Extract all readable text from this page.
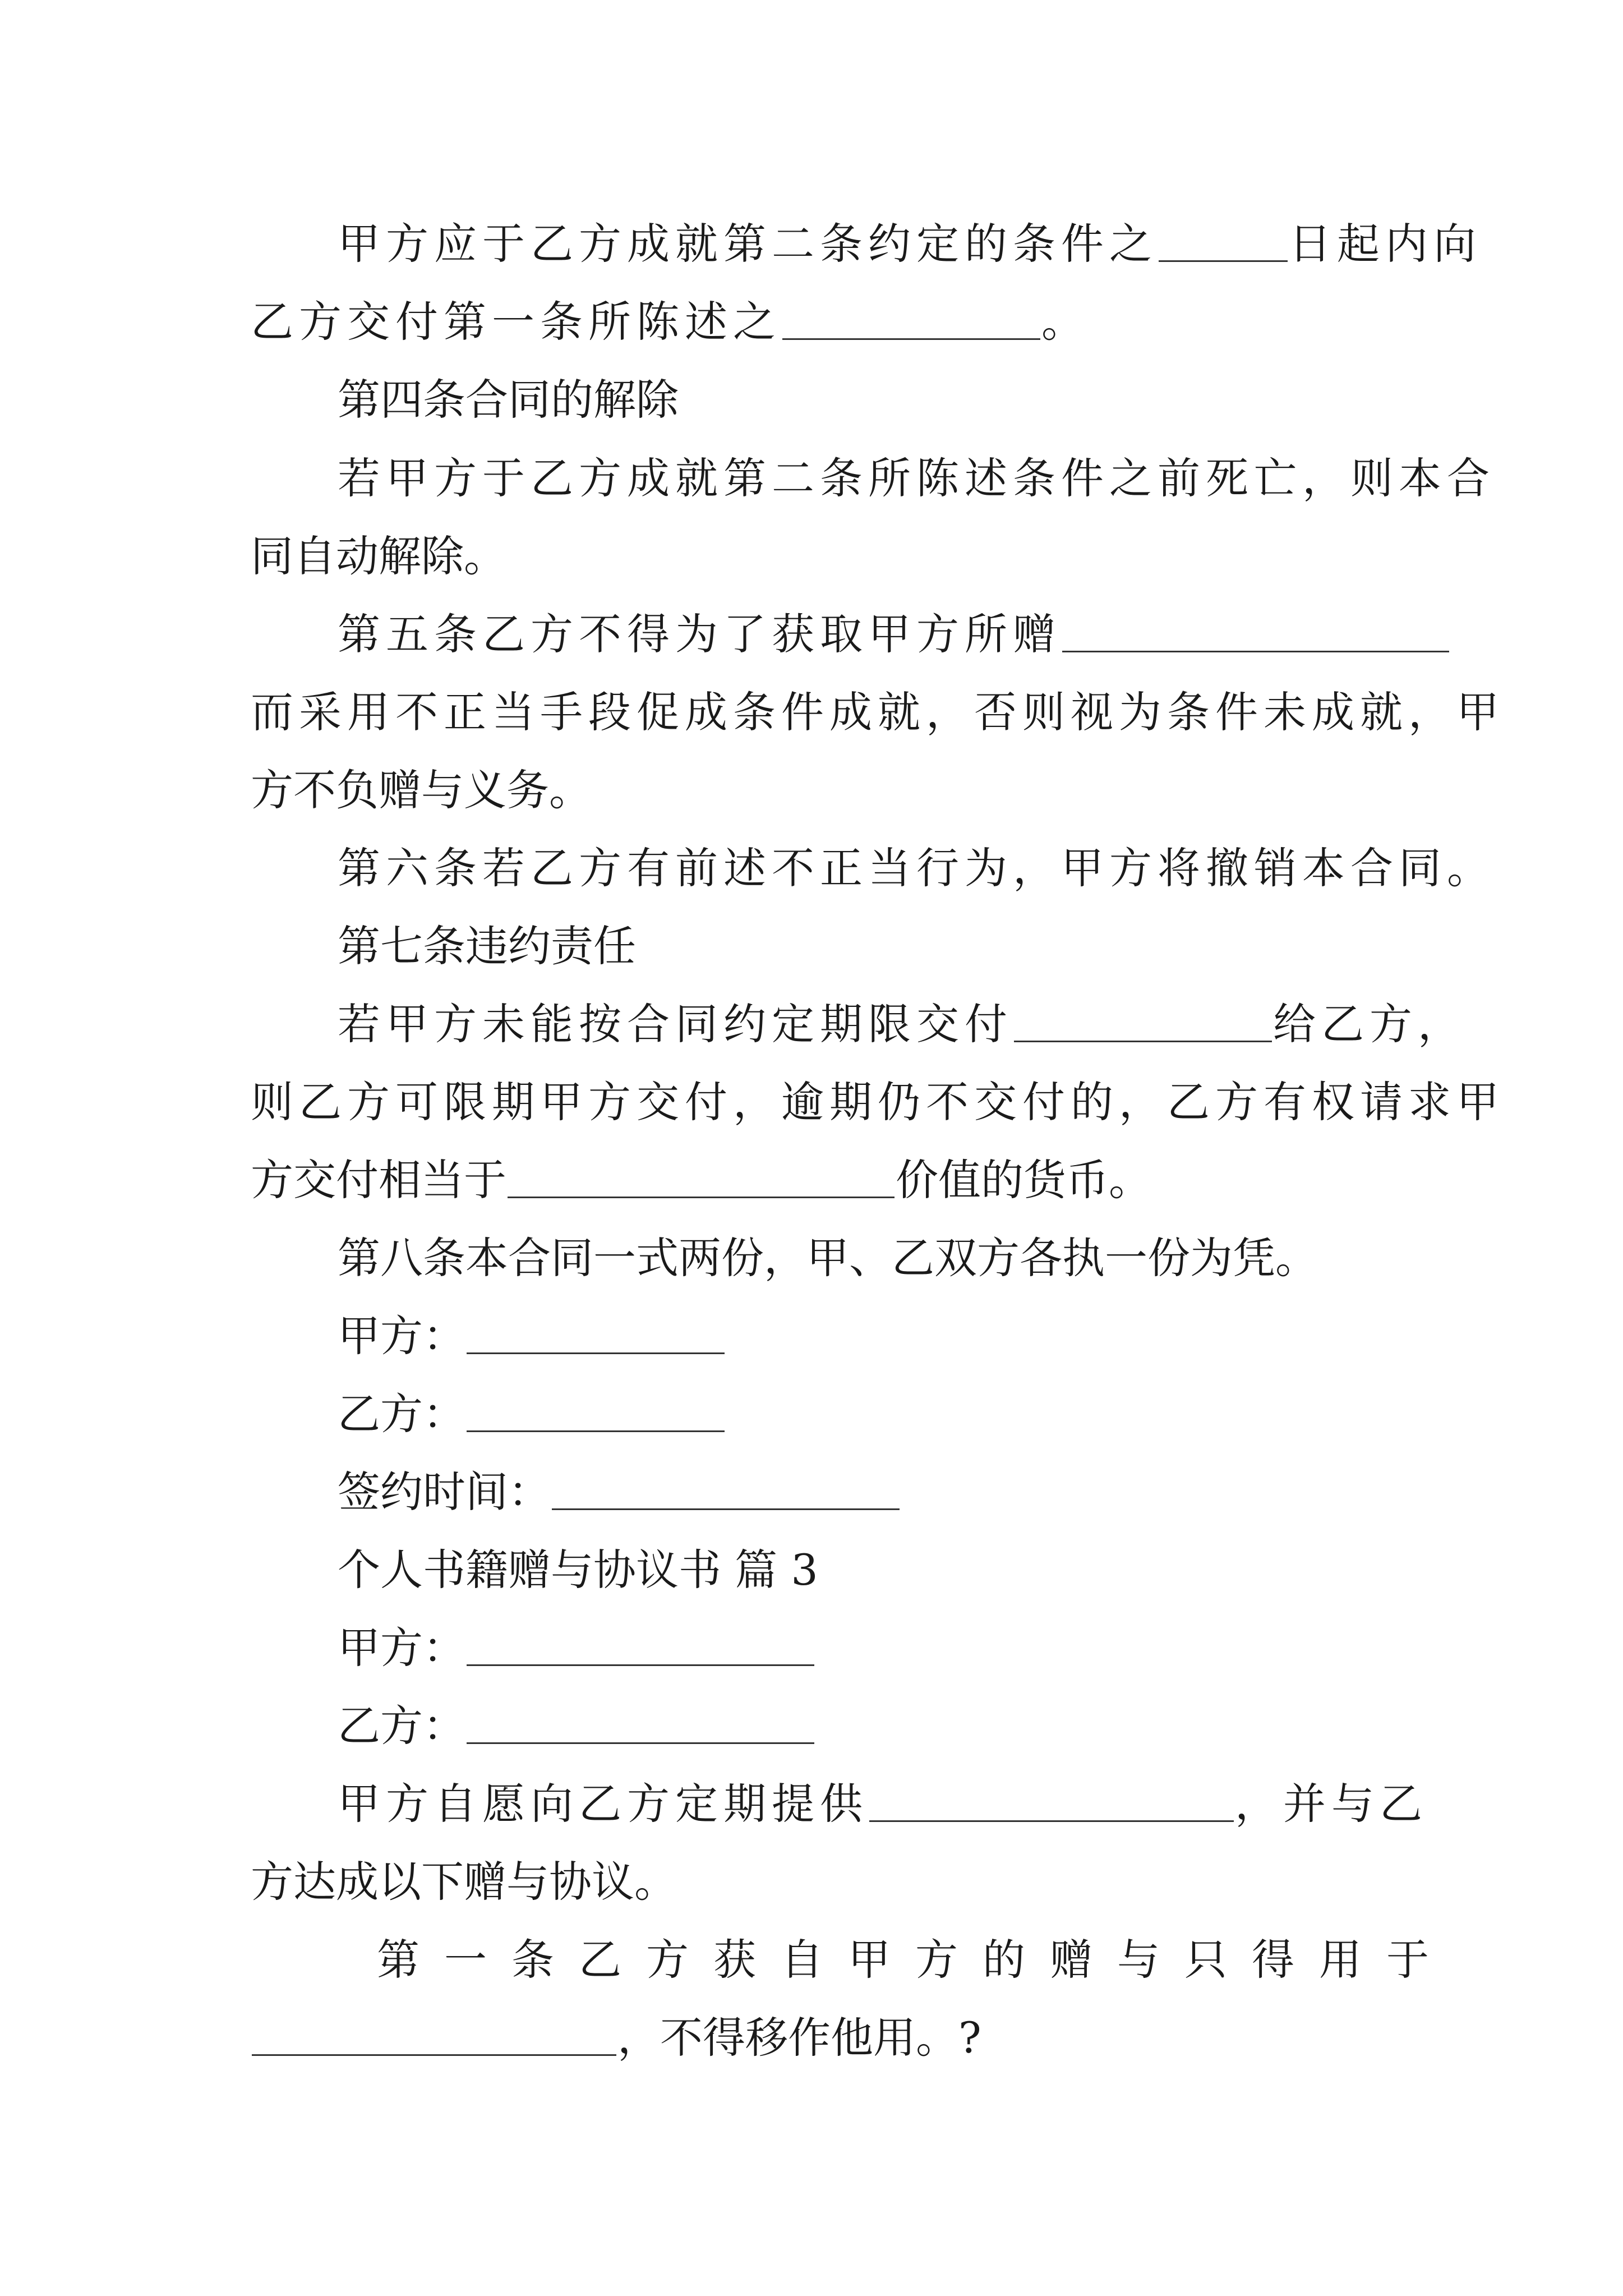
甲方应于乙方成就第二条约定的条件之	日起内向
乙方交付第一条所陈述之	。
第四条合同的解除
若甲方于乙方成就第二条所陈述条件之前死亡，则本合
同自动解除。
第五条乙方不得为了获取甲方所赠
而采用不正当手段促成条件成就，否则视为条件未成就，甲
方不负赠与义务。
第六条若乙方有前述不正当行为，甲方将撤销本合同。
第七条违约责任
若甲方未能按合同约定期限交付	给乙方，
则乙方可限期甲方交付，逾期仍不交付的，乙方有权请求甲
方交付相当于	价值的货币。
第八条本合同一式两份，甲、乙双方各执一份为凭。
甲方：
乙方：
签约时间：
个人书籍赠与协议书 篇 3
甲方：
乙方：
甲方自愿向乙方定期提供	，并与乙
方达成以下赠与协议。
第一条乙方获自甲方的赠与只得用于
，不得移作他用。?
